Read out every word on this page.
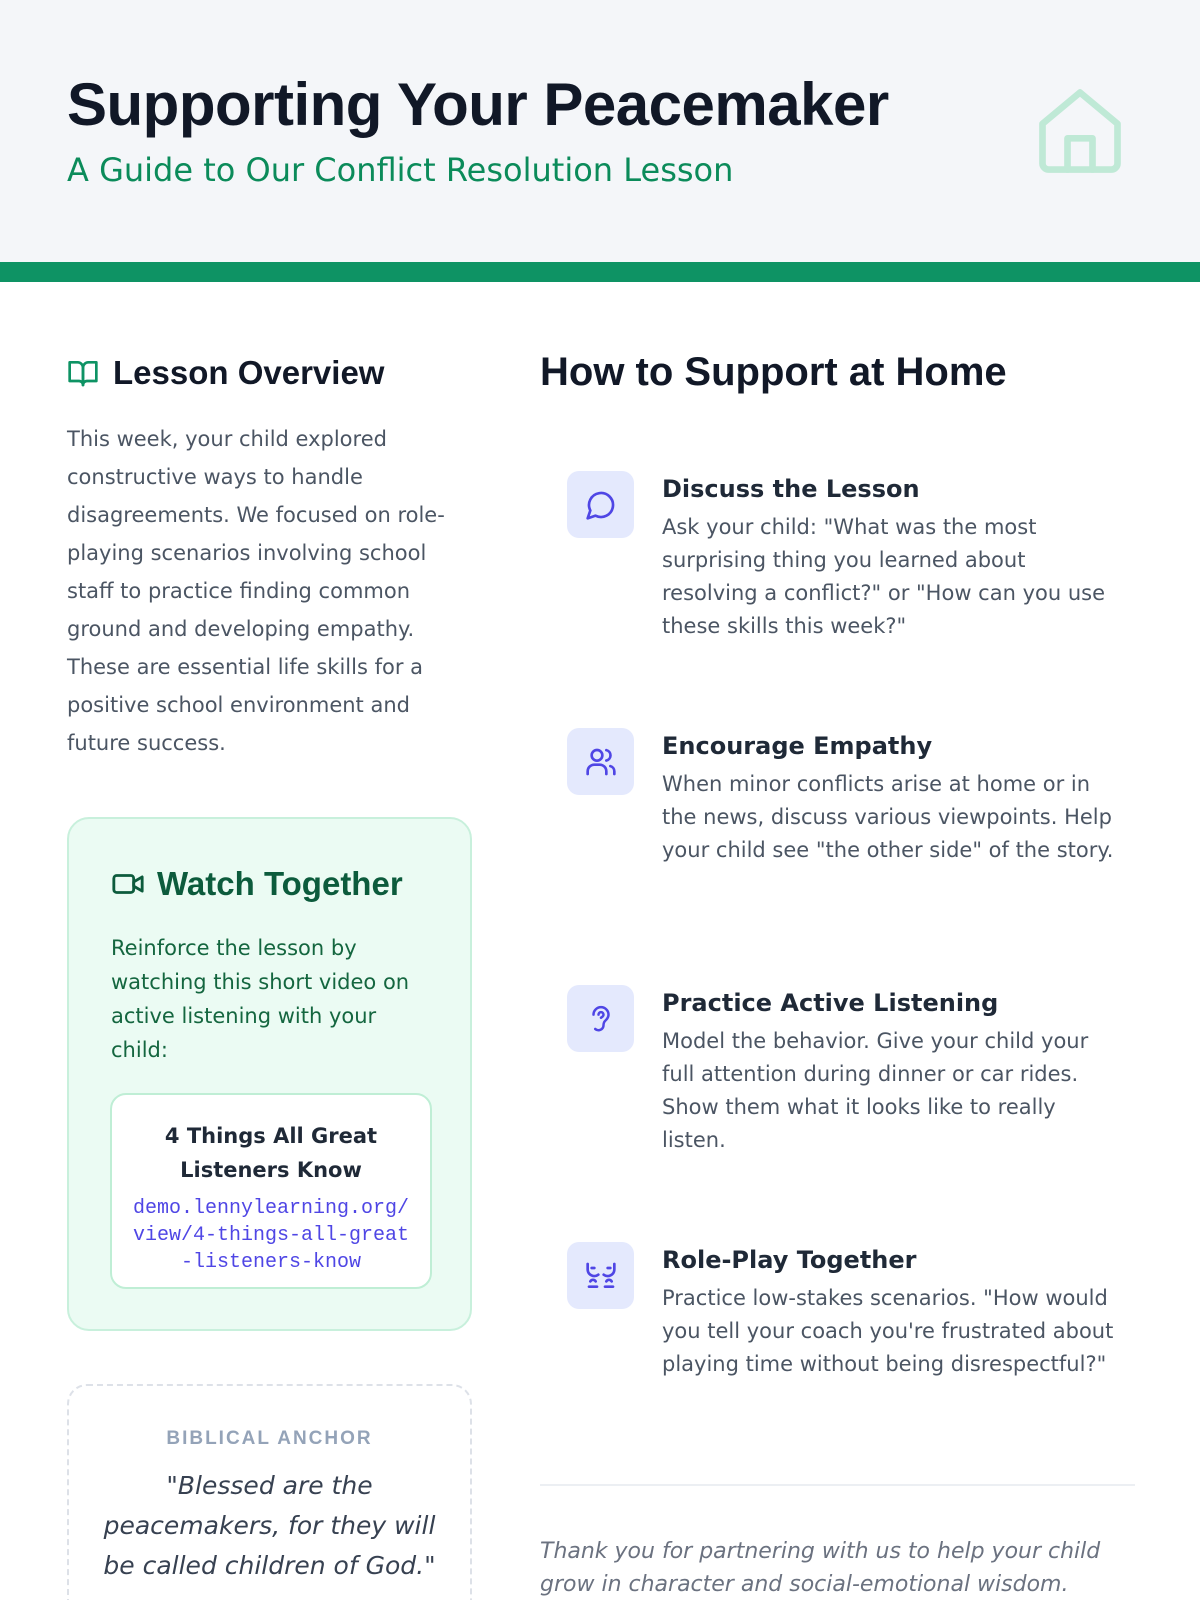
Supporting Your Peacemaker
A Guide to Our Conflict Resolution Lesson
Lesson Overview

This week, your child explored constructive ways to handle disagreements. We focused on role-playing scenarios involving school staff to practice finding common ground and developing empathy. These are essential life skills for a positive school environment and future success.

Watch Together

Reinforce the lesson by watching this short video on active listening with your child:

4 Things All Great Listeners Know
demo.lennylearning.org/view/4-things-all-great-listeners-know
BIBLICAL ANCHOR

"Blessed are the peacemakers, for they will be called children of God."

How to Support at Home
Discuss the Lesson

Ask your child: "What was the most surprising thing you learned about resolving a conflict?" or "How can you use these skills this week?"

Encourage Empathy

When minor conflicts arise at home or in the news, discuss various viewpoints. Help your child see "the other side" of the story.

Practice Active Listening

Model the behavior. Give your child your full attention during dinner or car rides. Show them what it looks like to really listen.

Role-Play Together

Practice low-stakes scenarios. "How would you tell your coach you're frustrated about playing time without being disrespectful?"

Thank you for partnering with us to help your child grow in character and social-emotional wisdom.
